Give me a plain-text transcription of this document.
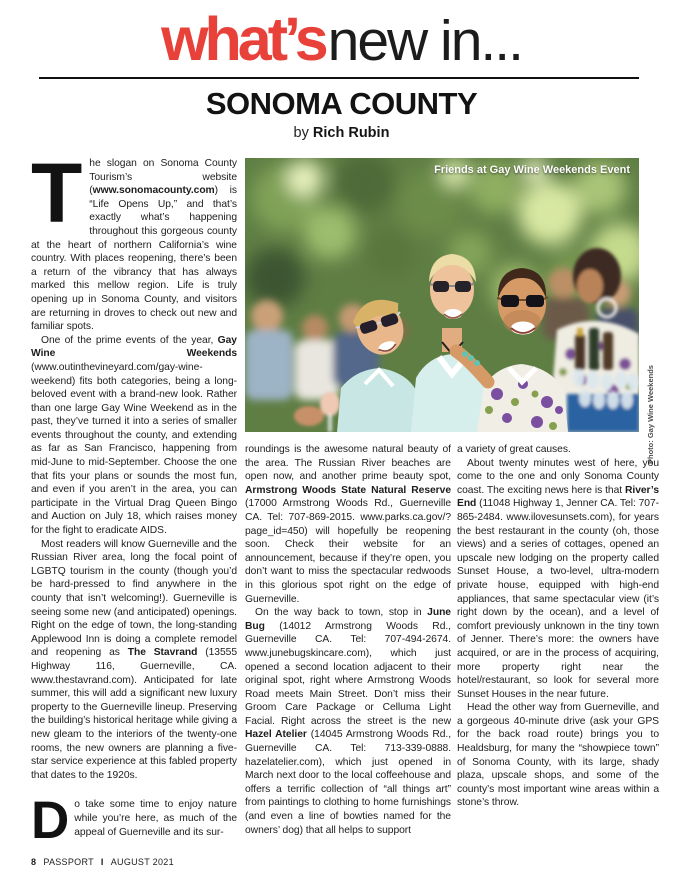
what’snew in...
SONOMA COUNTY
by Rich Rubin
Friends at Gay Wine Weekends Event
Photo: Gay Wine Weekends

The slogan on Sonoma County Tourism’s website (www.sonomacounty.com) is “Life Opens Up,” and that’s exactly what’s happening throughout this gorgeous county at the heart of northern California’s wine country. With places reopening, there’s been a return of the vibrancy that has always marked this mellow region. Life is truly opening up in Sonoma County, and visitors are returning in droves to check out new and familiar spots.

One of the prime events of the year, Gay Wine Weekends (www.outinthevineyard.com/gay-wine-weekend) fits both categories, being a long-beloved event with a brand-new look. Rather than one large Gay Wine Weekend as in the past, they’ve turned it into a series of smaller events throughout the county, and extending as far as San Francisco, happening from mid-June to mid-September. Choose the one that fits your plans or sounds the most fun, and even if you aren’t in the area, you can participate in the Virtual Drag Queen Bingo and Auction on July 18, which raises money for the fight to eradicate AIDS.

Most readers will know Guerneville and the Russian River area, long the focal point of LGBTQ tourism in the county (though you’d be hard-pressed to find anywhere in the county that isn’t welcoming!). Guerneville is seeing some new (and anticipated) openings. Right on the edge of town, the long-standing Applewood Inn is doing a complete remodel and reopening as The Stavrand (13555 Highway 116, Guerneville, CA. www.thestavrand.com). Anticipated for late summer, this will add a significant new luxury property to the Guerneville lineup. Preserving the building’s historical heritage while giving a new gleam to the interiors of the twenty-one rooms, the new owners are planning a five-star service experience at this fabled property that dates to the 1920s.

Do take some time to enjoy nature while you’re here, as much of the appeal of Guerneville and its sur-

roundings is the awesome natural beauty of the area. The Russian River beaches are open now, and another prime beauty spot, Armstrong Woods State Natural Reserve (17000 Armstrong Woods Rd., Guerneville CA. Tel: 707-869-2015. www.parks.ca.gov/?page_id=450) will hopefully be reopening soon. Check their website for an announcement, because if they’re open, you don’t want to miss the spectacular redwoods in this glorious spot right on the edge of Guerneville.

On the way back to town, stop in June Bug (14012 Armstrong Woods Rd., Guerneville CA. Tel: 707-494-2674. www.junebugskincare.com), which just opened a second location adjacent to their original spot, right where Armstrong Woods Road meets Main Street. Don’t miss their Groom Care Package or Celluma Light Facial. Right across the street is the new Hazel Atelier (14045 Armstrong Woods Rd., Guerneville CA. Tel: 713-339-0888. hazelatelier.com), which just opened in March next door to the local coffeehouse and offers a terrific collection of “all things art” from paintings to clothing to home furnishings (and even a line of bowties named for the owners’ dog) that all helps to support

a variety of great causes.

About twenty minutes west of here, you come to the one and only Sonoma County coast. The exciting news here is that River’s End (11048 Highway 1, Jenner CA. Tel: 707-865-2484. www.ilovesunsets.com), for years the best restaurant in the county (oh, those views) and a series of cottages, opened an upscale new lodging on the property called Sunset House, a two-level, ultra-modern private house, equipped with high-end appliances, that same spectacular view (it’s right down by the ocean), and a level of comfort previously unknown in the tiny town of Jenner. There’s more: the owners have acquired, or are in the process of acquiring, more property right near the hotel/restaurant, so look for several more Sunset Houses in the near future.

Head the other way from Guerneville, and a gorgeous 40-minute drive (ask your GPS for the back road route) brings you to Healdsburg, for many the “showpiece town” of Sonoma County, with its large, shady plaza, upscale shops, and some of the county’s most important wine areas within a stone’s throw.

8 PASSPORT I AUGUST 2021
